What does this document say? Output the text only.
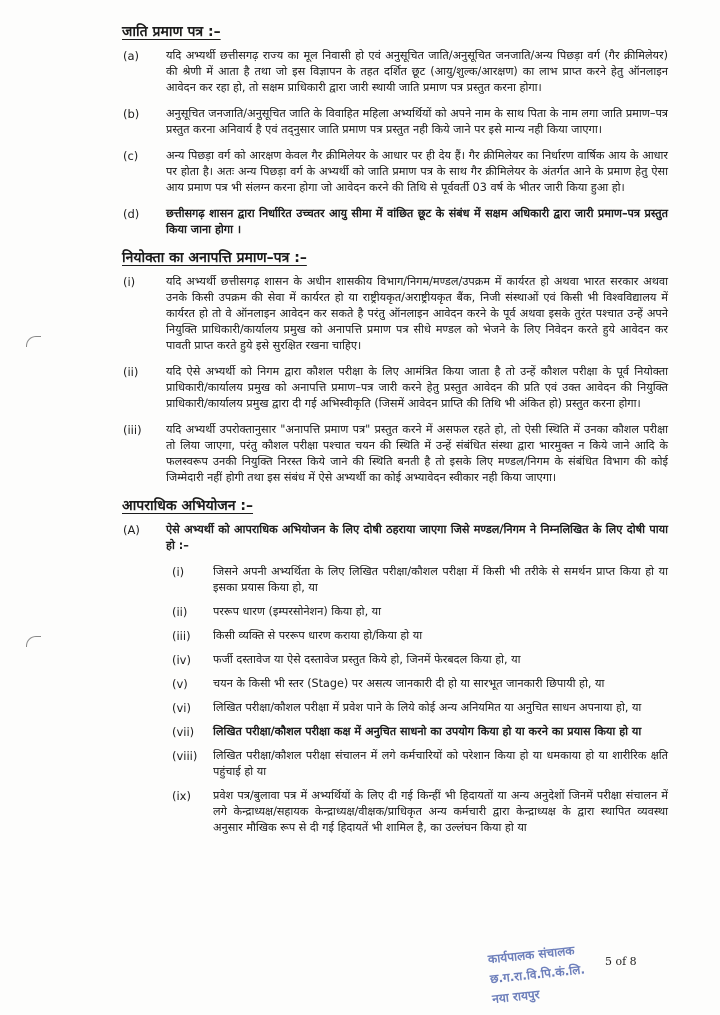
जाति प्रमाण पत्र :–
(a) यदि अभ्यर्थी छत्तीसगढ़ राज्य का मूल निवासी हो एवं अनुसूचित जाति/अनुसूचित जनजाति/अन्य पिछड़ा वर्ग (गैर क्रीमिलेयर) की श्रेणी में आता है तथा जो इस विज्ञापन के तहत दर्शित छूट (आयु/शुल्क/आरक्षण) का लाभ प्राप्त करने हेतु ऑनलाइन आवेदन कर रहा हो, तो सक्षम प्राधिकारी द्वारा जारी स्थायी जाति प्रमाण पत्र प्रस्तुत करना होगा।
(b) अनुसूचित जनजाति/अनुसूचित जाति के विवाहित महिला अभ्यर्थियों को अपने नाम के साथ पिता के नाम लगा जाति प्रमाण–पत्र प्रस्तुत करना अनिवार्य है एवं तद्नुसार जाति प्रमाण पत्र प्रस्तुत नही किये जाने पर इसे मान्य नही किया जाएगा।
(c) अन्य पिछड़ा वर्ग को आरक्षण केवल गैर क्रीमिलेयर के आधार पर ही देय हैं। गैर क्रीमिलेयर का निर्धारण वार्षिक आय के आधार पर होता है। अतः अन्य पिछड़ा वर्ग के अभ्यर्थी को जाति प्रमाण पत्र के साथ गैर क्रीमिलेयर के अंतर्गत आने के प्रमाण हेतु ऐसा आय प्रमाण पत्र भी संलग्न करना होगा जो आवेदन करने की तिथि से पूर्ववर्ती 03 वर्ष के भीतर जारी किया हुआ हो।
(d) छत्तीसगढ़ शासन द्वारा निर्धारित उच्चतर आयु सीमा में वांछित छूट के संबंध में सक्षम अधिकारी द्वारा जारी प्रमाण–पत्र प्रस्तुत किया जाना होगा ।
नियोक्ता का अनापत्ति प्रमाण–पत्र :–
(i)	यदि अभ्यर्थी छत्तीसगढ़ शासन के अधीन शासकीय विभाग/निगम/मण्डल/उपक्रम में कार्यरत हो अथवा भारत सरकार अथवा उनके किसी उपक्रम की सेवा में कार्यरत हो या राष्ट्रीयकृत/अराष्ट्रीयकृत बैंक, निजी संस्थाओं एवं किसी भी विश्वविद्यालय में कार्यरत हो तो वे ऑनलाइन आवेदन कर सकते है परंतु ऑनलाइन आवेदन करने के पूर्व अथवा इसके तुरंत पश्चात उन्हें अपने नियुक्ति प्राधिकारी/कार्यालय प्रमुख को अनापत्ति प्रमाण पत्र सीधे मण्डल को भेजने के लिए निवेदन करते हुये आवेदन कर पावती प्राप्त करते हुये इसे सुरक्षित रखना चाहिए।
(ii) यदि ऐसे अभ्यर्थी को निगम द्वारा कौशल परीक्षा के लिए आमंत्रित किया जाता है तो उन्हें कौशल परीक्षा के पूर्व नियोक्ता प्राधिकारी/कार्यालय प्रमुख को अनापत्ति प्रमाण–पत्र जारी करने हेतु प्रस्तुत आवेदन की प्रति एवं उक्त आवेदन की नियुक्ति प्राधिकारी/कार्यालय प्रमुख द्वारा दी गई अभिस्वीकृति (जिसमें आवेदन प्राप्ति की तिथि भी अंकित हो) प्रस्तुत करना होगा।
(iii) यदि अभ्यर्थी उपरोक्तानुसार "अनापत्ति प्रमाण पत्र" प्रस्तुत करने में असफल रहते हो, तो ऐसी स्थिति में उनका कौशल परीक्षा तो लिया जाएगा, परंतु कौशल परीक्षा पश्चात चयन की स्थिति में उन्हें संबंधित संस्था द्वारा भारमुक्त न किये जाने आदि के फलस्वरूप उनकी नियुक्ति निरस्त किये जाने की स्थिति बनती है तो इसके लिए मण्डल/निगम के संबंधित विभाग की कोई जिम्मेदारी नहीं होगी तथा इस संबंध में ऐसे अभ्यर्थी का कोई अभ्यावेदन स्वीकार नही किया जाएगा।
आपराधिक अभियोजन :–
(A) ऐसे अभ्यर्थी को आपराधिक अभियोजन के लिए दोषी ठहराया जाएगा जिसे मण्डल/निगम ने निम्नलिखित के लिए दोषी पाया हो :–
(i)	जिसने अपनी अभ्यर्थिता के लिए लिखित परीक्षा/कौशल परीक्षा में किसी भी तरीके से समर्थन प्राप्त किया हो या इसका प्रयास किया हो, या
(ii) पररूप धारण (इम्परसोनेशन) किया हो, या
(iii) किसी व्यक्ति से पररूप धारण कराया हो/किया हो या
(iv) फर्जी दस्तावेज या ऐसे दस्तावेज प्रस्तुत किये हो, जिनमें फेरबदल किया हो, या
(v) चयन के किसी भी स्तर (Stage) पर असत्य जानकारी दी हो या सारभूत जानकारी छिपायी हो, या
(vi) लिखित परीक्षा/कौशल परीक्षा में प्रवेश पाने के लिये कोई अन्य अनियमित या अनुचित साधन अपनाया हो, या
(vii) लिखित परीक्षा/कौशल परीक्षा कक्ष में अनुचित साधनो का उपयोग किया हो या करने का प्रयास किया हो या
(viii) लिखित परीक्षा/कौशल परीक्षा संचालन में लगे कर्मचारियों को परेशान किया हो या धमकाया हो या शारीरिक क्षति पहुंचाई हो या
(ix) प्रवेश पत्र/बुलावा पत्र में अभ्यर्थियों के लिए दी गई किन्हीं भी हिदायतों या अन्य अनुदेशों जिनमें परीक्षा संचालन में लगे केन्द्राध्यक्ष/सहायक केन्द्राध्यक्ष/वीक्षक/प्राधिकृत अन्य कर्मचारी द्वारा केन्द्राध्यक्ष के द्वारा स्थापित व्यवस्था अनुसार मौखिक रूप से दी गई हिदायतें भी शामिल है, का उल्लंघन किया हो या
कार्यपालक संचालक
छ.ग.रा.वि.पि.कं.लि.
नया रायपुर
5 of 8
